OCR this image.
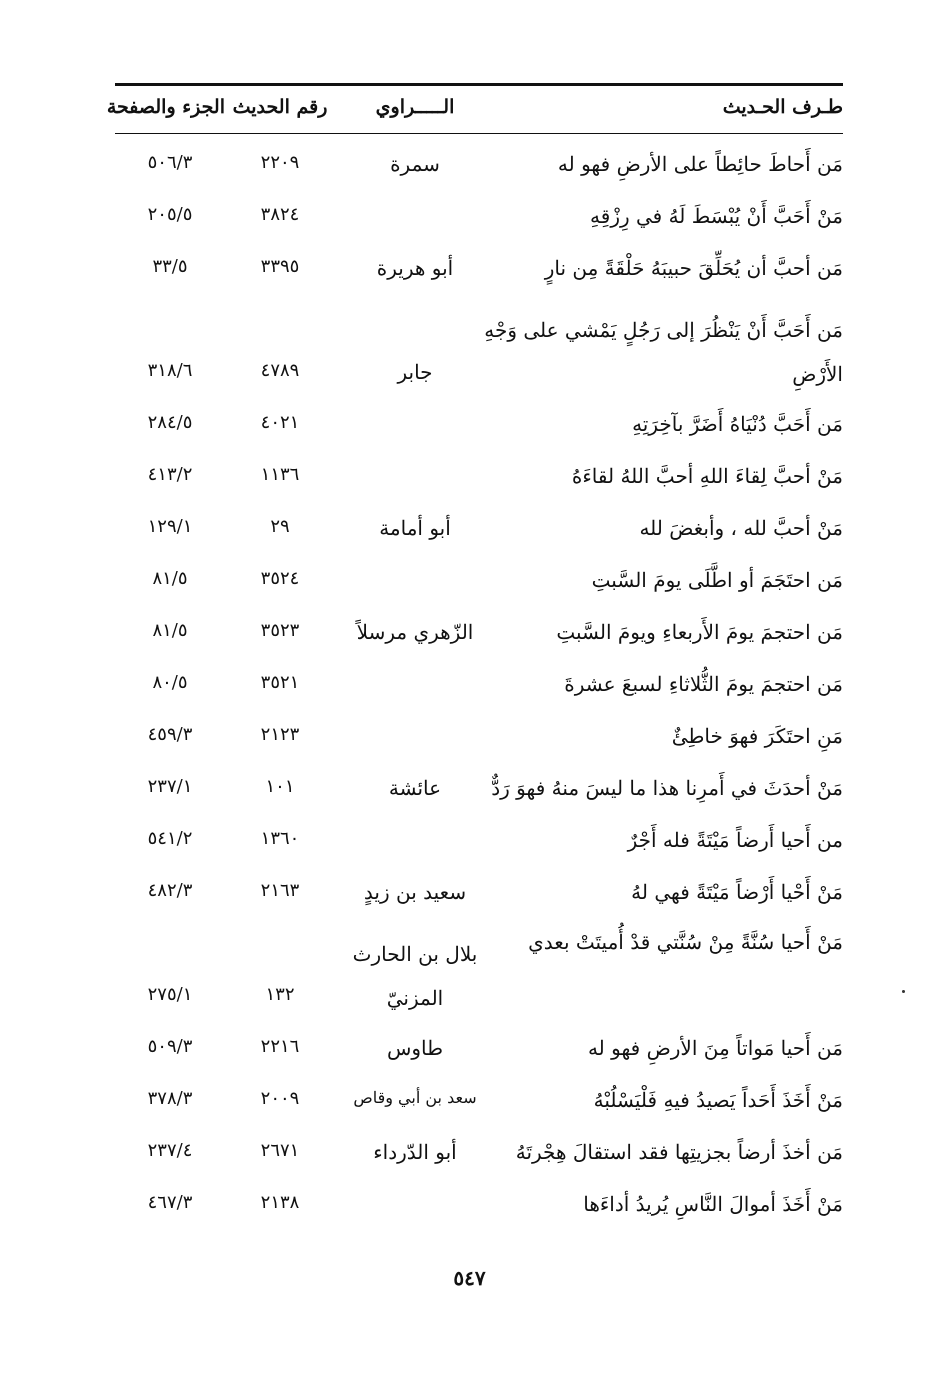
طـرف الحـديث
الـــــراوي
رقم الحديث
الجزء والصفحة
مَن أَحاطَ حائِطاً على الأرضِ فهو له
سمرة
٢٢٠٩
٥٠٦/٣
مَنْ أَحَبَّ أَنْ يُبْسَطَ لَهُ في رِزْقِهِ
٣٨٢٤
٢٠٥/٥
مَن أحبَّ أن يُحَلِّقَ حبيبَهُ حَلْقَةً مِن نارٍ
أبو هريرة
٣٣٩٥
٣٣/٥
مَن أَحَبَّ أَنْ يَنْظُرَ إلى رَجُلٍ يَمْشي على وَجْهِ الأَرْضِ
جابر
٤٧٨٩
٣١٨/٦
مَن أَحَبَّ دُنْيَاهُ أَضَرَّ بآخِرَتِهِ
٤٠٢١
٢٨٤/٥
مَنْ أحبَّ لِقاءَ اللهِ أحبَّ اللهُ لقاءَهُ
١١٣٦
٤١٣/٢
مَنْ أحبَّ لله ، وأبغضَ لله
أبو أمامة
٢٩
١٢٩/١
مَن احتَجَمَ أو اطَّلَى يومَ السَّبتِ
٣٥٢٤
٨١/٥
مَن احتجمَ يومَ الأَربعاءِ ويومَ السَّبتِ
الزّهري مرسلاً
٣٥٢٣
٨١/٥
مَن احتجمَ يومَ الثُّلاثاءِ لسبعَ عشرةَ
٣٥٢١
٨٠/٥
مَنِ احتَكَرَ فهوَ خاطِئٌ
٢١٢٣
٤٥٩/٣
مَنْ أحدَثَ في أَمرِنا هذا ما ليسَ منهُ فهوَ رَدٌّ
عائشة
١٠١
٢٣٧/١
من أَحيا أَرضاً مَيْتَةً فله أَجْرٌ
١٣٦٠
٥٤١/٢
مَنْ أَحْيا أَرْضاً مَيْتَةً فهي لهُ
سعيد بن زيدٍ
٢١٦٣
٤٨٢/٣
مَنْ أَحيا سُنَّةً مِنْ سُنَّتي قدْ أُميتَتْ بعدي
بلال بن الحارث المزنيّ
١٣٢
٢٧٥/١
مَن أَحيا مَواتاً مِنَ الأرضِ فهو له
طاوس
٢٢١٦
٥٠٩/٣
مَنْ أَخَذَ أَحَداً يَصيدُ فيهِ فَلْيَسْلُبْهُ
سعد بن أبي وقاص
٢٠٠٩
٣٧٨/٣
مَن أخذَ أرضاً بجزيتِها فقد استقالَ هِجْرتَهُ
أبو الدّرداء
٢٦٧١
٢٣٧/٤
مَنْ أَخَذَ أموالَ النَّاسِ يُريدُ أداءَها
٢١٣٨
٤٦٧/٣
٥٤٧
